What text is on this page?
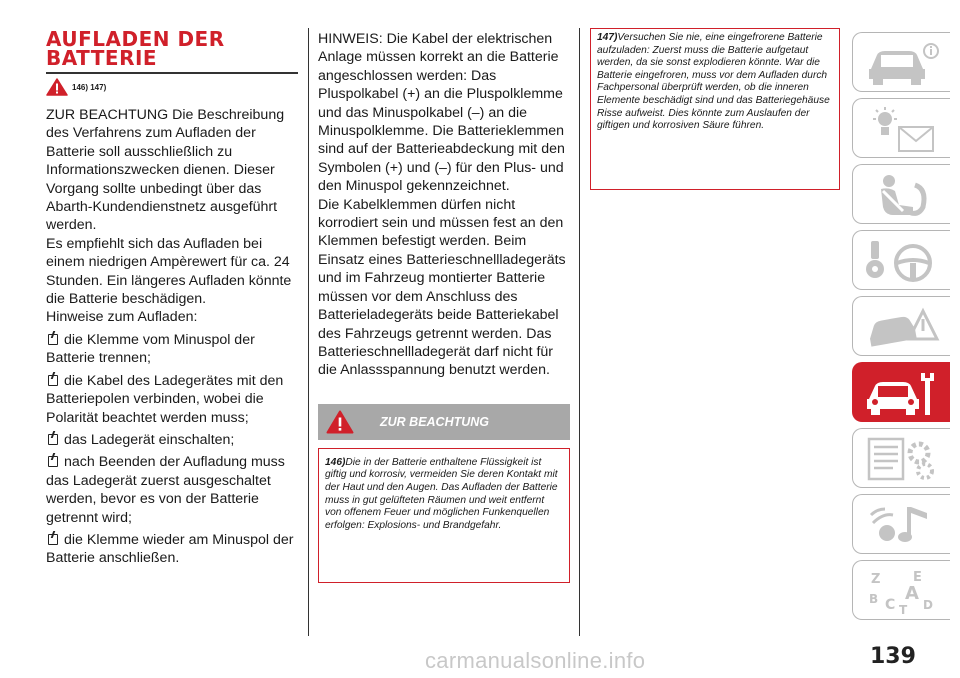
AUFLADEN DER
BATTERIE
146) 147)

ZUR BEACHTUNG Die Beschreibung des Verfahrens zum Aufladen der Batterie soll ausschließlich zu Informationszwecken dienen. Dieser Vorgang sollte unbedingt über das Abarth-Kundendienstnetz ausgeführt werden.

Es empfiehlt sich das Aufladen bei einem niedrigen Ampèrewert für ca. 24 Stunden. Ein längeres Aufladen könnte die Batterie beschädigen.

Hinweise zum Aufladen:

die Klemme vom Minuspol der Batterie trennen;
die Kabel des Ladegerätes mit den Batteriepolen verbinden, wobei die Polarität beachtet werden muss;
das Ladegerät einschalten;
nach Beenden der Aufladung muss das Ladegerät zuerst ausgeschaltet werden, bevor es von der Batterie getrennt wird;
die Klemme wieder am Minuspol der Batterie anschließen.

HINWEIS: Die Kabel der elektrischen Anlage müssen korrekt an die Batterie angeschlossen werden: Das Pluspolkabel (+) an die Pluspolklemme und das Minuspolkabel (–) an die Minuspolklemme. Die Batterieklemmen sind auf der Batterieabdeckung mit den Symbolen (+) und (–) für den Plus- und den Minuspol gekennzeichnet.

Die Kabelklemmen dürfen nicht korrodiert sein und müssen fest an den Klemmen befestigt werden. Beim Einsatz eines Batterieschnellladegeräts und im Fahrzeug montierter Batterie müssen vor dem Anschluss des Batterieladegeräts beide Batteriekabel des Fahrzeugs getrennt werden. Das Batterieschnellladegerät darf nicht für die Anlassspannung benutzt werden.

ZUR BEACHTUNG
146)Die in der Batterie enthaltene Flüssigkeit ist giftig und korrosiv, vermeiden Sie deren Kontakt mit der Haut und den Augen. Das Aufladen der Batterie muss in gut gelüfteten Räumen und weit entfernt von offenem Feuer und möglichen Funkenquellen erfolgen: Explosions- und Brandgefahr.
147)Versuchen Sie nie, eine eingefrorene Batterie aufzuladen: Zuerst muss die Batterie aufgetaut werden, da sie sonst explodieren könnte. War die Batterie eingefroren, muss vor dem Aufladen durch Fachpersonal überprüft werden, ob die inneren Elemente beschädigt sind und das Batteriegehäuse Risse aufweist. Dies könnte zum Auslaufen der giftigen und korrosiven Säure führen.
Z	E
A
B C T D
carmanualsonline.info	139
